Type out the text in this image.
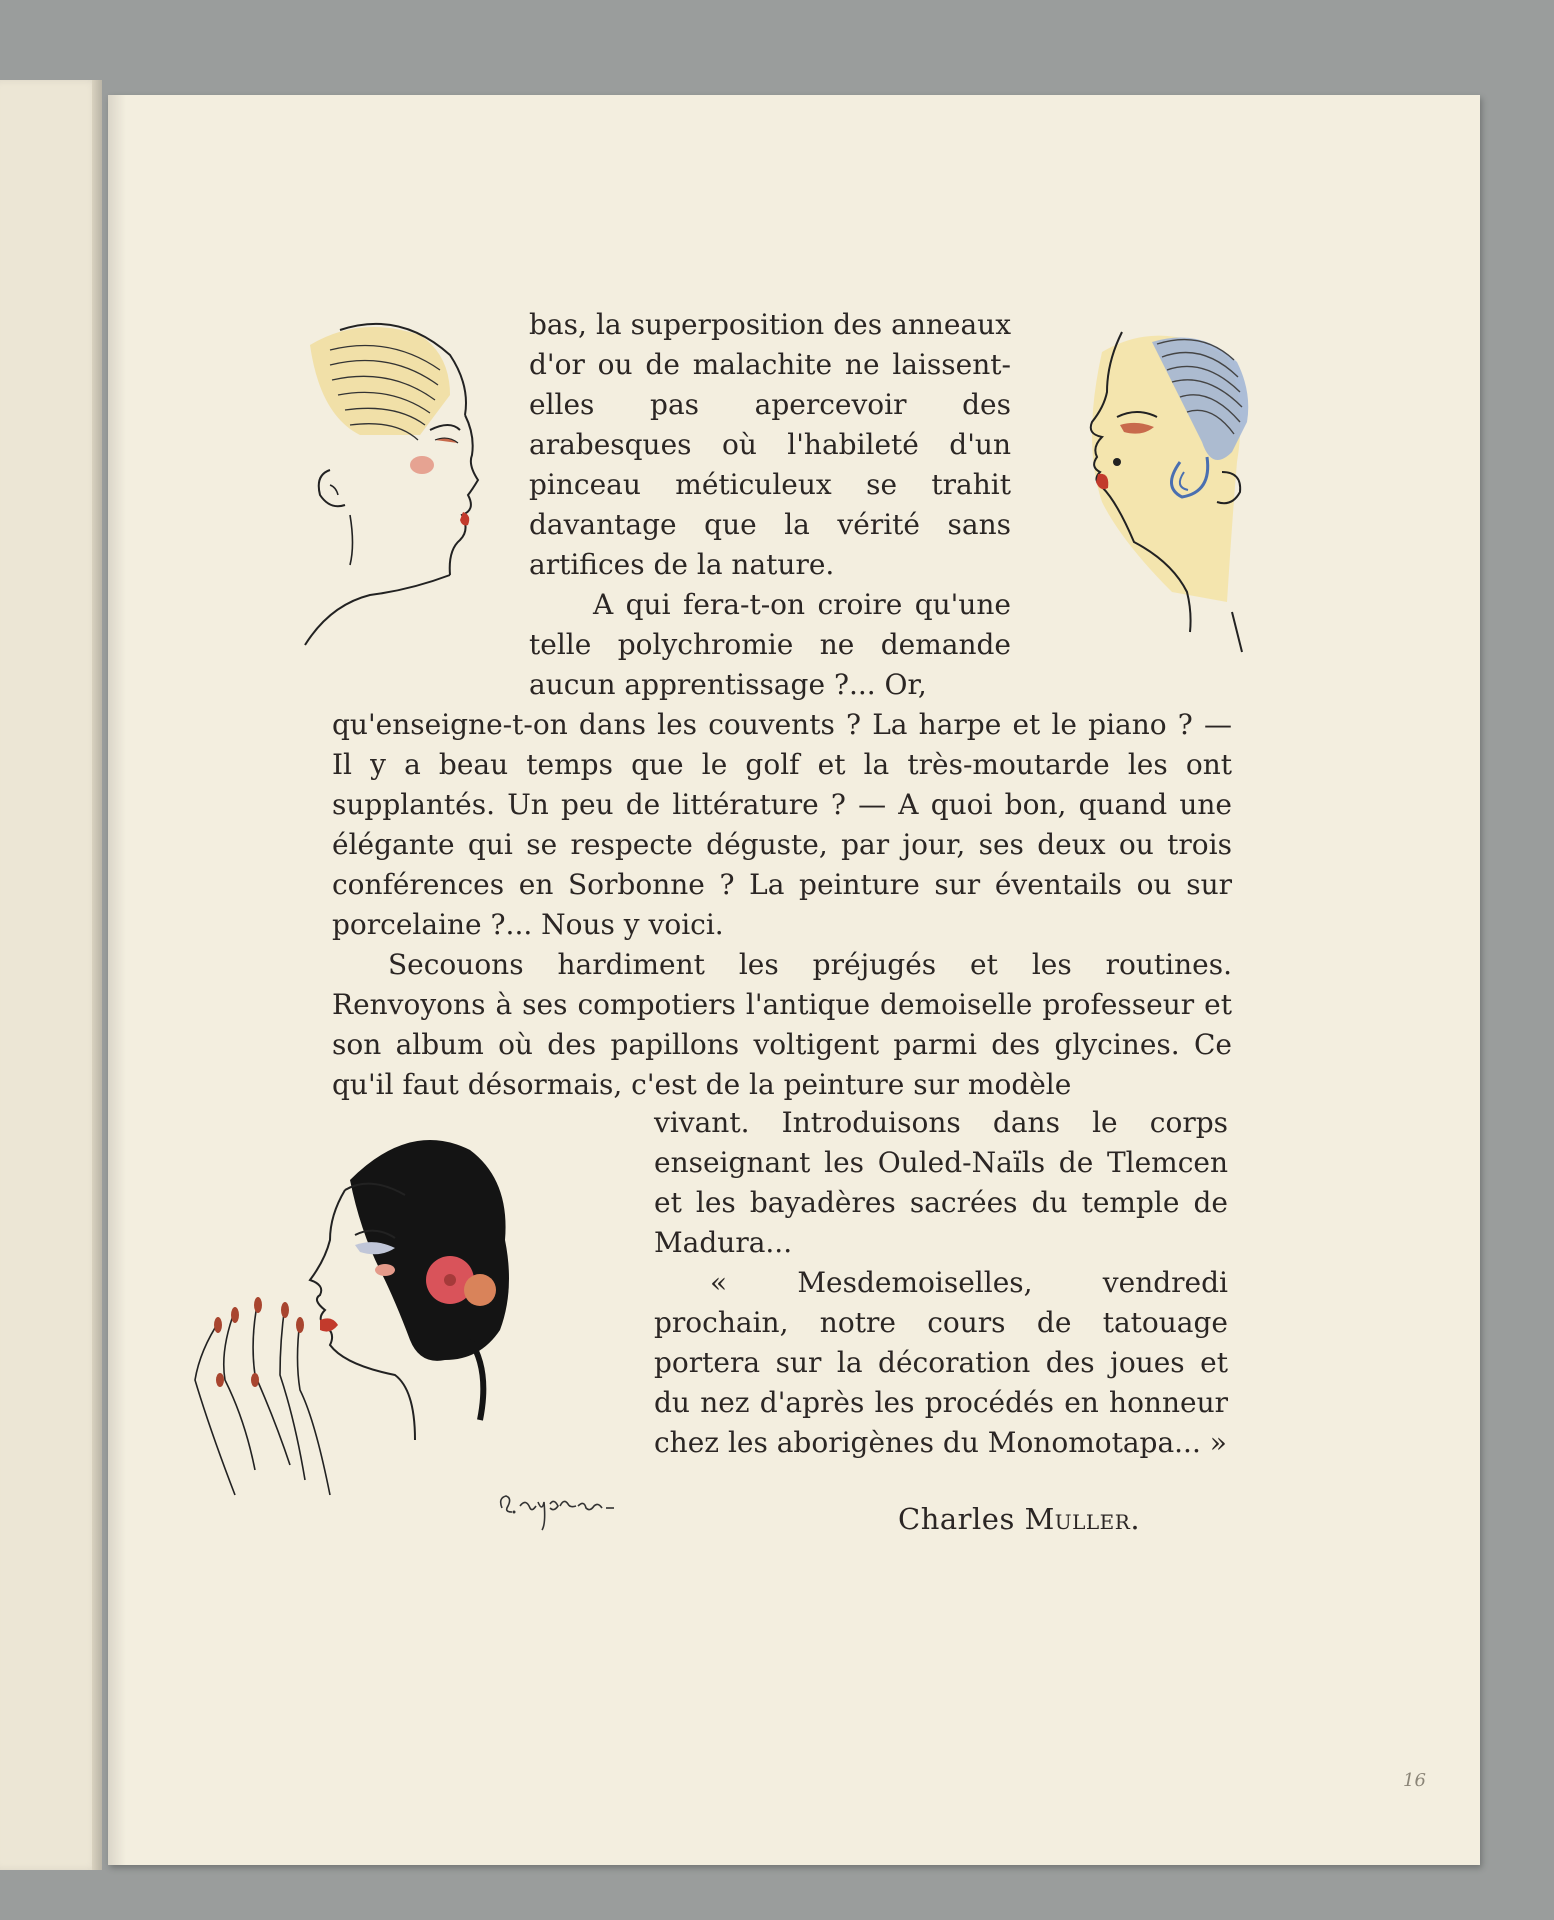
bas, la superposition des anneaux d'or ou de malachite ne laissent-elles pas apercevoir des arabesques où l'habileté d'un pinceau méticuleux se trahit davantage que la vérité sans artifices de la nature.

A qui fera-t-on croire qu'une telle polychromie ne demande aucun apprentissage ?... Or,

qu'enseigne-t-on dans les couvents ? La harpe et le piano ? — Il y a beau temps que le golf et la très-moutarde les ont supplantés. Un peu de littérature ? — A quoi bon, quand une élégante qui se respecte déguste, par jour, ses deux ou trois conférences en Sorbonne ? La peinture sur éventails ou sur porcelaine ?... Nous y voici.

Secouons hardiment les préjugés et les routines. Renvoyons à ses compotiers l'antique demoiselle professeur et son album où des papillons voltigent parmi des glycines. Ce qu'il faut désormais, c'est de la peinture sur modèle

vivant. Introduisons dans le corps enseignant les Ouled-Naïls de Tlemcen et les bayadères sacrées du temple de Madura...

« Mesdemoiselles, vendredi prochain, notre cours de tatouage portera sur la décoration des joues et du nez d'après les procédés en honneur chez les aborigènes du Monomotapa... »

Charles Muller.
16
